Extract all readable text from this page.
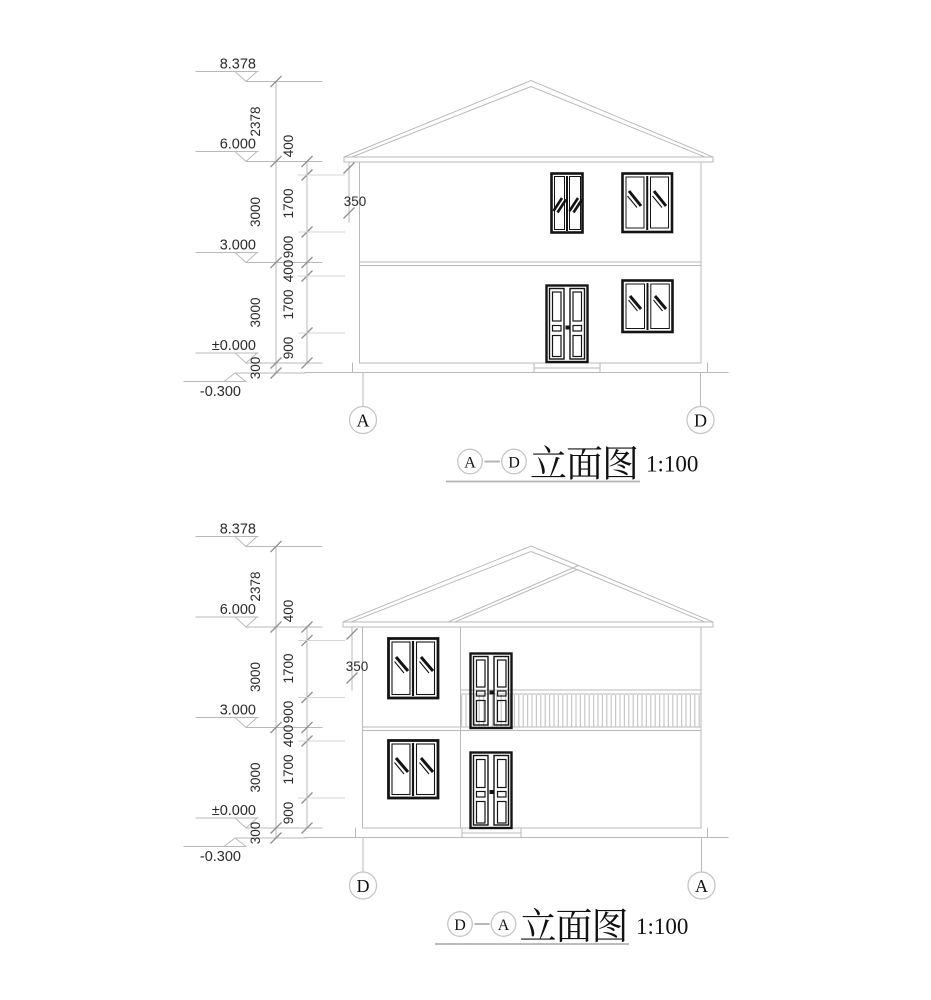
8.378
6.000
3.000
±0.000
-0.300
2378
3000
3000
300
400
1700
900
400
1700
900
350
A	D
A D 立面图 1:100
8.378
6.000
3.000
±0.000
-0.300
2378
3000
3000
300
400
1700
900
400
1700
900
350
D	A
D A 立面图 1:100
